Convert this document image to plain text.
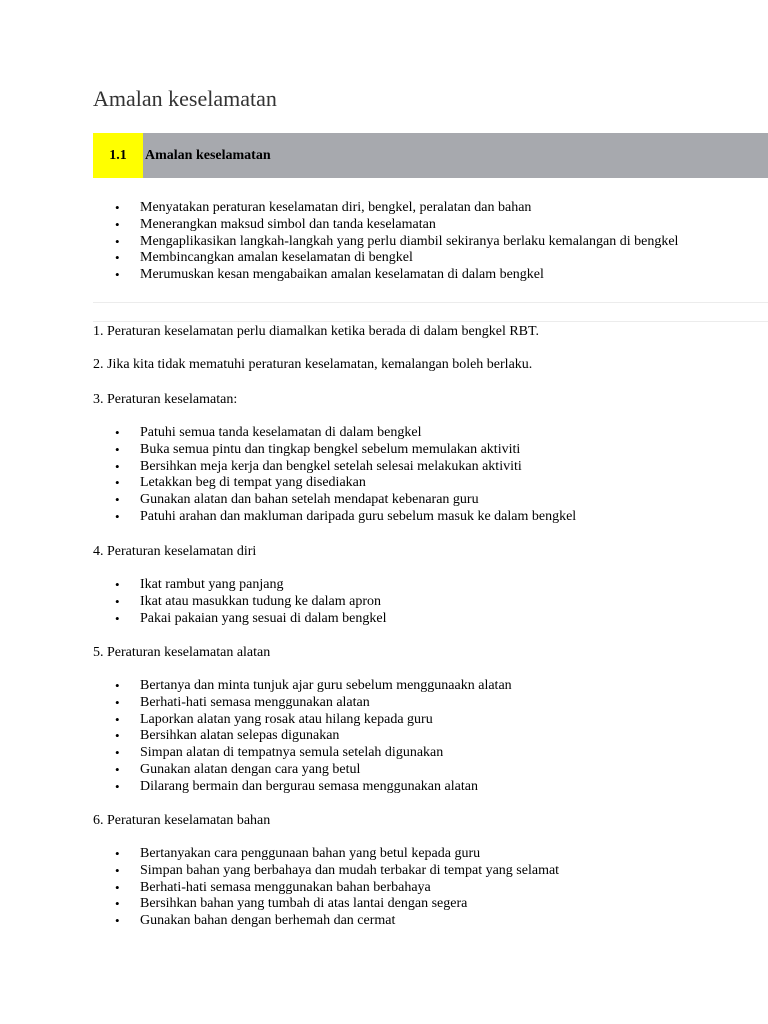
Amalan keselamatan
1.1	Amalan keselamatan
• Menyatakan peraturan keselamatan diri, bengkel, peralatan dan bahan
• Menerangkan maksud simbol dan tanda keselamatan
• Mengaplikasikan langkah-langkah yang perlu diambil sekiranya berlaku kemalangan di bengkel
• Membincangkan amalan keselamatan di bengkel
• Merumuskan kesan mengabaikan amalan keselamatan di dalam bengkel

1. Peraturan keselamatan perlu diamalkan ketika berada di dalam bengkel RBT.

2. Jika kita tidak mematuhi peraturan keselamatan, kemalangan boleh berlaku.

3. Peraturan keselamatan:

• Patuhi semua tanda keselamatan di dalam bengkel
• Buka semua pintu dan tingkap bengkel sebelum memulakan aktiviti
• Bersihkan meja kerja dan bengkel setelah selesai melakukan aktiviti
• Letakkan beg di tempat yang disediakan
• Gunakan alatan dan bahan setelah mendapat kebenaran guru
• Patuhi arahan dan makluman daripada guru sebelum masuk ke dalam bengkel

4. Peraturan keselamatan diri

• Ikat rambut yang panjang
• Ikat atau masukkan tudung ke dalam apron
• Pakai pakaian yang sesuai di dalam bengkel

5. Peraturan keselamatan alatan

• Bertanya dan minta tunjuk ajar guru sebelum menggunaakn alatan
• Berhati-hati semasa menggunakan alatan
• Laporkan alatan yang rosak atau hilang kepada guru
• Bersihkan alatan selepas digunakan
• Simpan alatan di tempatnya semula setelah digunakan
• Gunakan alatan dengan cara yang betul
• Dilarang bermain dan bergurau semasa menggunakan alatan

6. Peraturan keselamatan bahan

• Bertanyakan cara penggunaan bahan yang betul kepada guru
• Simpan bahan yang berbahaya dan mudah terbakar di tempat yang selamat
• Berhati-hati semasa menggunakan bahan berbahaya
• Bersihkan bahan yang tumbah di atas lantai dengan segera
• Gunakan bahan dengan berhemah dan cermat
